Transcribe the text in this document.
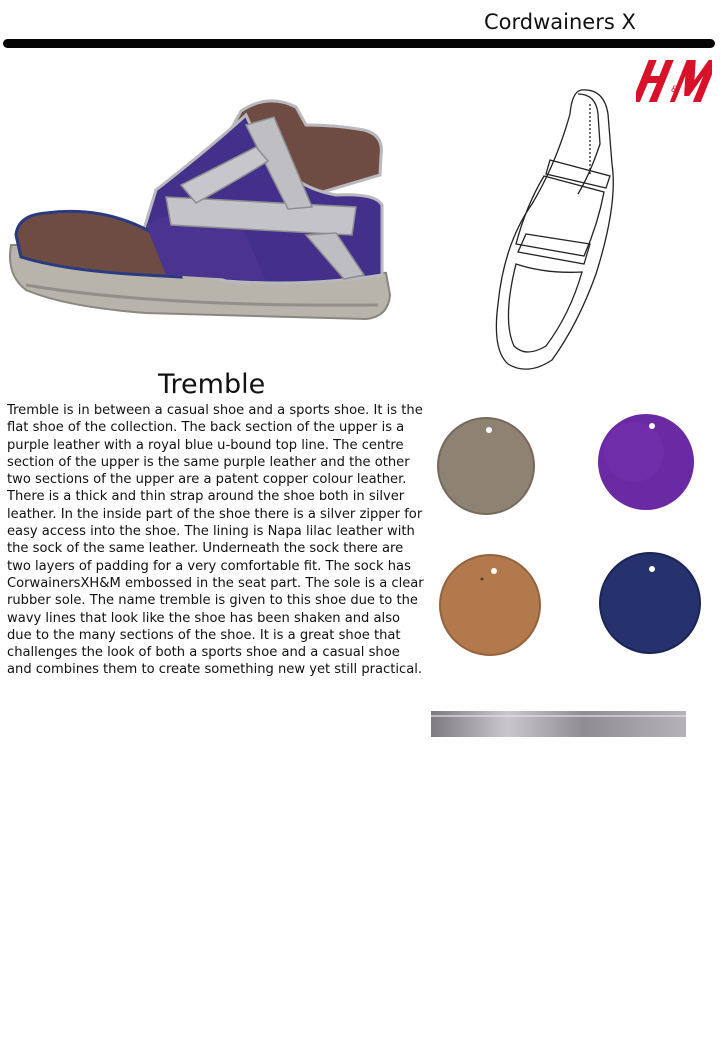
Cordwainers X
&
Tremble

Tremble is in between a casual shoe and a sports shoe. It is the flat shoe of the collection. The back section of the upper is a purple leather with a royal blue u-bound top line. The centre section of the upper is the same purple leather and the other two sections of the upper are a patent copper colour leather. There is a thick and thin strap around the shoe both in silver leather. In the inside part of the shoe there is a silver zipper for easy access into the shoe. The lining is Napa lilac leather with the sock of the same leather. Underneath the sock there are two layers of padding for a very comfortable fit. The sock has CorwainersXH&M embossed in the seat part. The sole is a clear rubber sole. The name tremble is given to this shoe due to the wavy lines that look like the shoe has been shaken and also due to the many sections of the shoe. It is a great shoe that challenges the look of both a sports shoe and a casual shoe and combines them to create something new yet still practical.
